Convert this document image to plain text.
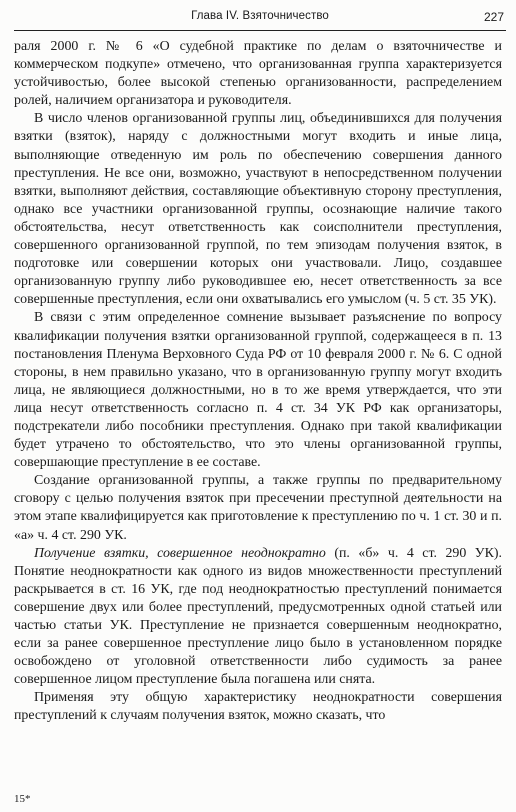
Глава IV. Взяточничество	227

раля 2000 г. № 6 «О судебной практике по делам о взяточничестве и коммерческом подкупе» отмечено, что организованная группа характеризуется устойчивостью, более высокой степенью организованности, распределением ролей, наличием организатора и руководителя.

В число членов организованной группы лиц, объединившихся для получения взятки (взяток), наряду с должностными могут входить и иные лица, выполняющие отведенную им роль по обеспечению совершения данного преступления. Не все они, возможно, участвуют в непосредственном получении взятки, выполняют действия, составляющие объективную сторону преступления, однако все участники организованной группы, осознающие наличие такого обстоятельства, несут ответственность как соисполнители преступления, совершенного организованной группой, по тем эпизодам получения взяток, в подготовке или совершении которых они участвовали. Лицо, создавшее организованную группу либо руководившее ею, несет ответственность за все совершенные преступления, если они охватывались его умыслом (ч. 5 ст. 35 УК).

В связи с этим определенное сомнение вызывает разъяснение по вопросу квалификации получения взятки организованной группой, содержащееся в п. 13 постановления Пленума Верховного Суда РФ от 10 февраля 2000 г. № 6. С одной стороны, в нем правильно указано, что в организованную группу могут входить лица, не являющиеся должностными, но в то же время утверждается, что эти лица несут ответственность согласно п. 4 ст. 34 УК РФ как организаторы, подстрекатели либо пособники преступления. Однако при такой квалификации будет утрачено то обстоятельство, что это члены организованной группы, совершающие преступление в ее составе.

Создание организованной группы, а также группы по предварительному сговору с целью получения взяток при пресечении преступной деятельности на этом этапе квалифицируется как приготовление к преступлению по ч. 1 ст. 30 и п. «а» ч. 4 ст. 290 УК.

Получение взятки, совершенное неоднократно (п. «б» ч. 4 ст. 290 УК). Понятие неоднократности как одного из видов множественности преступлений раскрывается в ст. 16 УК, где под неоднократностью преступлений понимается совершение двух или более преступлений, предусмотренных одной статьей или частью статьи УК. Преступление не признается совершенным неоднократно, если за ранее совершенное преступление лицо было в установленном порядке освобождено от уголовной ответственности либо судимость за ранее совершенное лицом преступление была погашена или снята.

Применяя эту общую характеристику неоднократности совершения преступлений к случаям получения взяток, можно сказать, что

15*
